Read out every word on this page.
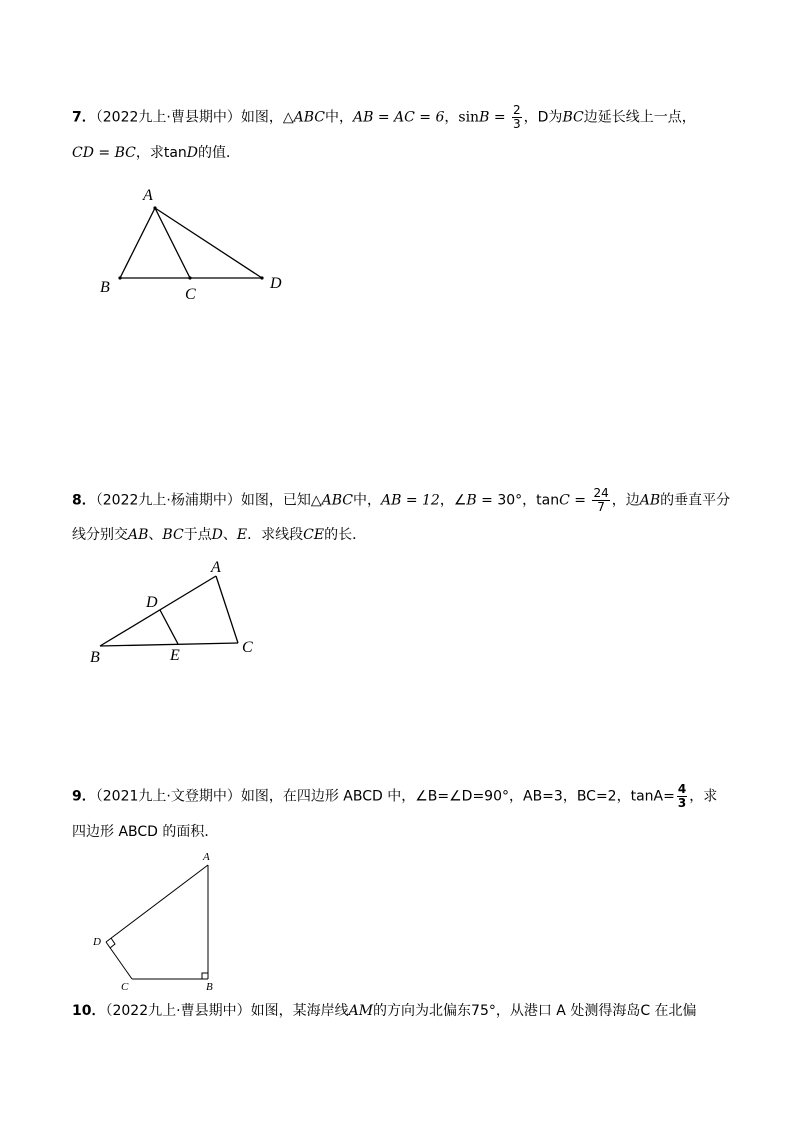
7．（2022九上·曹县期中）如图，△ABC中，AB = AC = 6，$\sin B = \frac{2}{3}$ ，D为BC边延长线上一点，
CD = BC，求tanD的值．
A
B	C
D
8．（2022九上·杨浦期中）如图，已知△ABC中，AB = 12，∠B = 30°，$\tan C = \frac{24}{7}$ ，边AB的垂直平分
线分别交AB、BC于点D、E．求线段CE的长．
A
D
B	E	C
9．（2021九上·文登期中）如图，在四边形 ABCD 中，∠B=∠D=90°，AB=3，BC=2，$\tan A= \frac{4}{3}$ ，求
四边形 ABCD 的面积．
A
D
C	B
10．（2022九上·曹县期中）如图，某海岸线AM的方向为北偏东75°，从港口 A 处测得海岛C 在北偏
